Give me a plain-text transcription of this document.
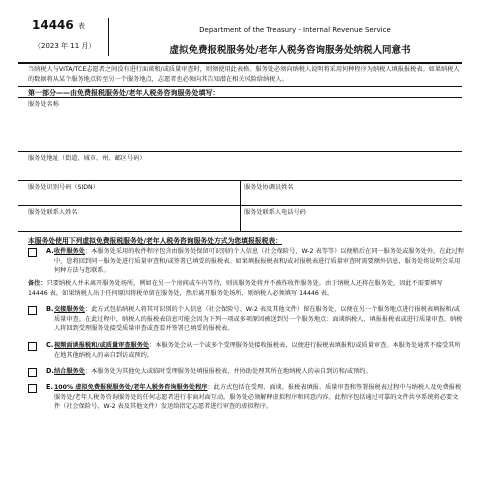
14446 表
（2023 年 11 月）
Department of the Treasury - Internal Revenue Service
虚拟免费报税服务处/老年人税务咨询服务处纳税人同意书
当纳税人与VITA/TCE志愿者之间没有进行面谈和/或质量审查时，则须使用此表格。服务处必须向纳税人说明将采用何种程序为纳税人填报报税表。如果纳税人的数据将从某个服务地点转至另一个服务地点，志愿者也必须向其告知潜在相关风险给纳税人。
第一部分——由免费报税服务处/老年人税务咨询服务处填写：
服务处名称
服务处地址（街道、城市、州、邮区号码）
服务处识别号码（SIDN）	服务处协调员姓名
服务处联系人姓名	服务处联系人电话号码
本服务处使用下列虚拟免费报税服务处/老年人税务咨询服务处方式为您填报报税表：
A. 收件服务处：本服务处采用的收件程序包含由服务处保留可识别的个人信息（社会保险号、W-2 表等等）以便稍后在同一服务处或服务处外，在此过程中，您将回到同一服务处进行质量审查和/或签署已填妥的报税表。如果填报报税表和/或对报税表进行质量审查时需要额外信息，服务处将说明会采用何种方法与您联系。
备注：只要纳税人并未离开服务处场所，例如在另一个房间或车内等待，则该服务处将并不被作收件服务处。由于纳税人还将在服务处，因此不需要填写 14446 表。如果纳税人出于任何原因将税单留在服务处，然后离开服务处场所，则纳税人必须填写 14446 表。
B. 交接服务处：此方式包括纳税人将其可识别的个人信息（社会保险号、W-2 表及其他文件）留在服务处，以便在另一个服务地点进行报税表填报和/或质量审查。在此过程中，纳税人的报税表信息可能会因为下列一项或多项原因被送到另一个服务地点：面谈纳税人、填报报税表或进行质量审查。纳税人将回到受理服务处接受质量审查或查看并签署已填妥的报税表。
C. 视频面谈报税和/或质量审查服务处：本服务处会从一个或多个受理服务处接收报税表，以便进行报税表填报和/或质量审查。本服务处通常不接受其所在地其他纳税人的亲自到访或预约。
D. 结合服务处：本服务处为其他免大或临时受理服务处填报报税表，并协助处理其所在地纳税人的亲自到访和/或预约。
E. 100% 虚拟免费报税服务处/老年人税务咨询服务处程序：此方式包括在受理、面谈、报税表填报、质量审查和签署报税表过程中与纳税人及免费报税服务处/老年人税务咨询服务处的任何志愿者进行非面对面互动。服务处必须解释虚拟程序和同意内容。此程序包括通过可靠的文件共享系统将必要文件（社会保险号、W-2 表及其他文件）发送给指定志愿者进行审查的虚拟程序。
